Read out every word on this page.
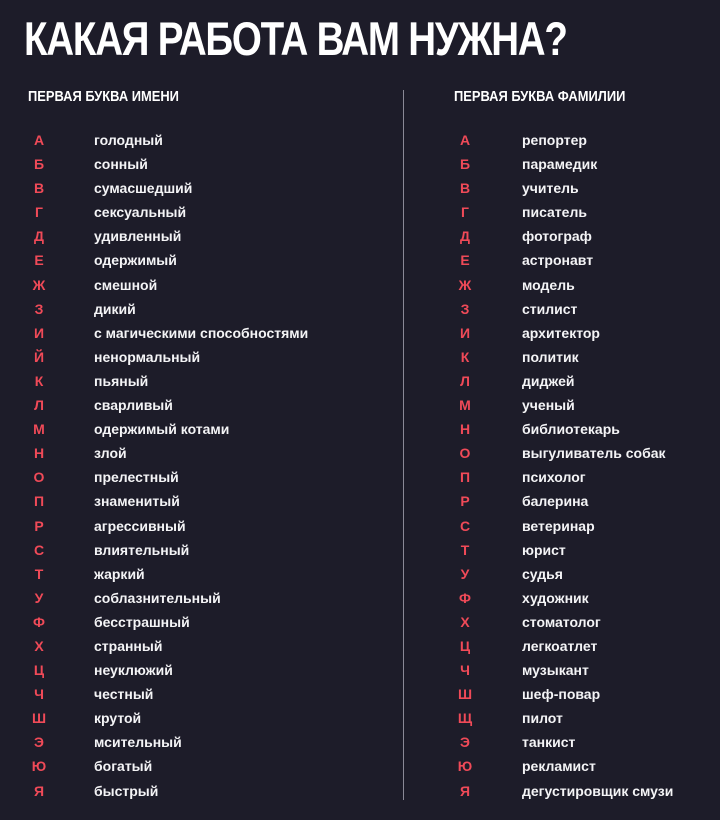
КАКАЯ РАБОТА ВАМ НУЖНА?
ПЕРВАЯ БУКВА ИМЕНИ
А	голодный
Б	сонный
В	сумасшедший
Г	сексуальный
Д	удивленный
Е	одержимый
Ж	смешной
З	дикий
И	с магическими способностями
Й	ненормальный
К	пьяный
Л	сварливый
М	одержимый котами
Н	злой
О	прелестный
П	знаменитый
Р	агрессивный
С	влиятельный
Т	жаркий
У	соблазнительный
Ф	бесстрашный
Х	странный
Ц	неуклюжий
Ч	честный
Ш	крутой
Э	мсительный
Ю	богатый
Я	быстрый
ПЕРВАЯ БУКВА ФАМИЛИИ
А	репортер
Б	парамедик
В	учитель
Г	писатель
Д	фотограф
Е	астронавт
Ж	модель
З	стилист
И	архитектор
К	политик
Л	диджей
М	ученый
Н	библиотекарь
О	выгуливатель собак
П	психолог
Р	балерина
С	ветеринар
Т	юрист
У	судья
Ф	художник
Х	стоматолог
Ц	легкоатлет
Ч	музыкант
Ш	шеф-повар
Щ	пилот
Э	танкист
Ю	рекламист
Я	дегустировщик смузи
